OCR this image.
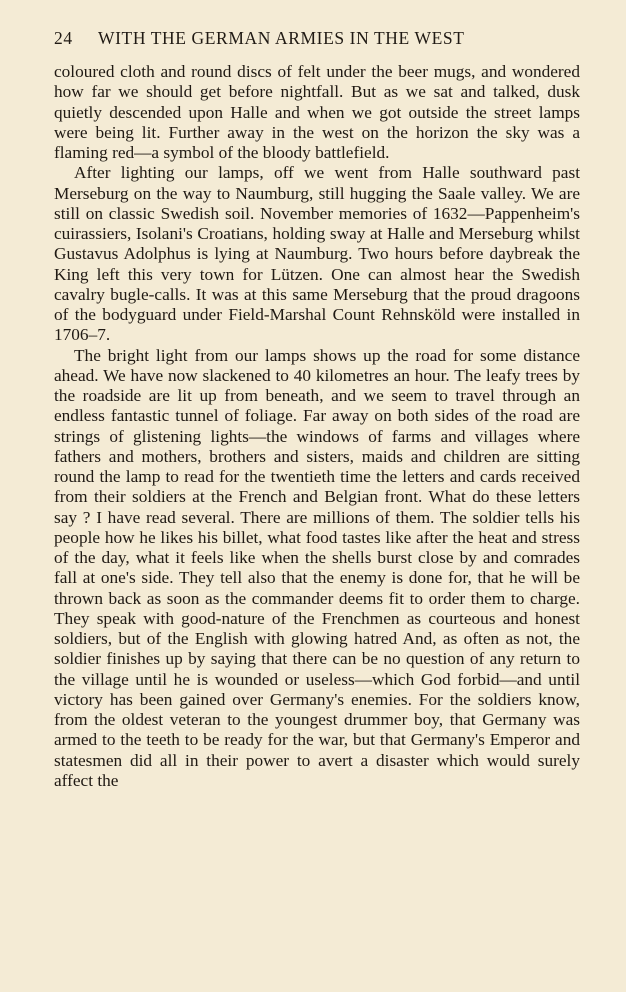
24 WITH THE GERMAN ARMIES IN THE WEST

coloured cloth and round discs of felt under the beer mugs, and wondered how far we should get before nightfall. But as we sat and talked, dusk quietly descended upon Halle and when we got outside the street lamps were being lit. Further away in the west on the horizon the sky was a flaming red—a symbol of the bloody battlefield.

After lighting our lamps, off we went from Halle southward past Merseburg on the way to Naumburg, still hugging the Saale valley. We are still on classic Swedish soil. November memories of 1632—Pappenheim's cuirassiers, Isolani's Croatians, holding sway at Halle and Merseburg whilst Gustavus Adolphus is lying at Naumburg. Two hours before daybreak the King left this very town for Lützen. One can almost hear the Swedish cavalry bugle-calls. It was at this same Merseburg that the proud dragoons of the bodyguard under Field-Marshal Count Rehnsköld were installed in 1706–7.

The bright light from our lamps shows up the road for some distance ahead. We have now slackened to 40 kilometres an hour. The leafy trees by the roadside are lit up from beneath, and we seem to travel through an endless fantastic tunnel of foliage. Far away on both sides of the road are strings of glistening lights—the windows of farms and villages where fathers and mothers, brothers and sisters, maids and children are sitting round the lamp to read for the twentieth time the letters and cards received from their soldiers at the French and Belgian front. What do these letters say ? I have read several. There are millions of them. The soldier tells his people how he likes his billet, what food tastes like after the heat and stress of the day, what it feels like when the shells burst close by and comrades fall at one's side. They tell also that the enemy is done for, that he will be thrown back as soon as the commander deems fit to order them to charge. They speak with good-nature of the Frenchmen as courteous and honest soldiers, but of the English with glowing hatred And, as often as not, the soldier finishes up by saying that there can be no question of any return to the village until he is wounded or useless—which God forbid—and until victory has been gained over Germany's enemies. For the soldiers know, from the oldest veteran to the youngest drummer boy, that Germany was armed to the teeth to be ready for the war, but that Germany's Emperor and statesmen did all in their power to avert a disaster which would surely affect the
